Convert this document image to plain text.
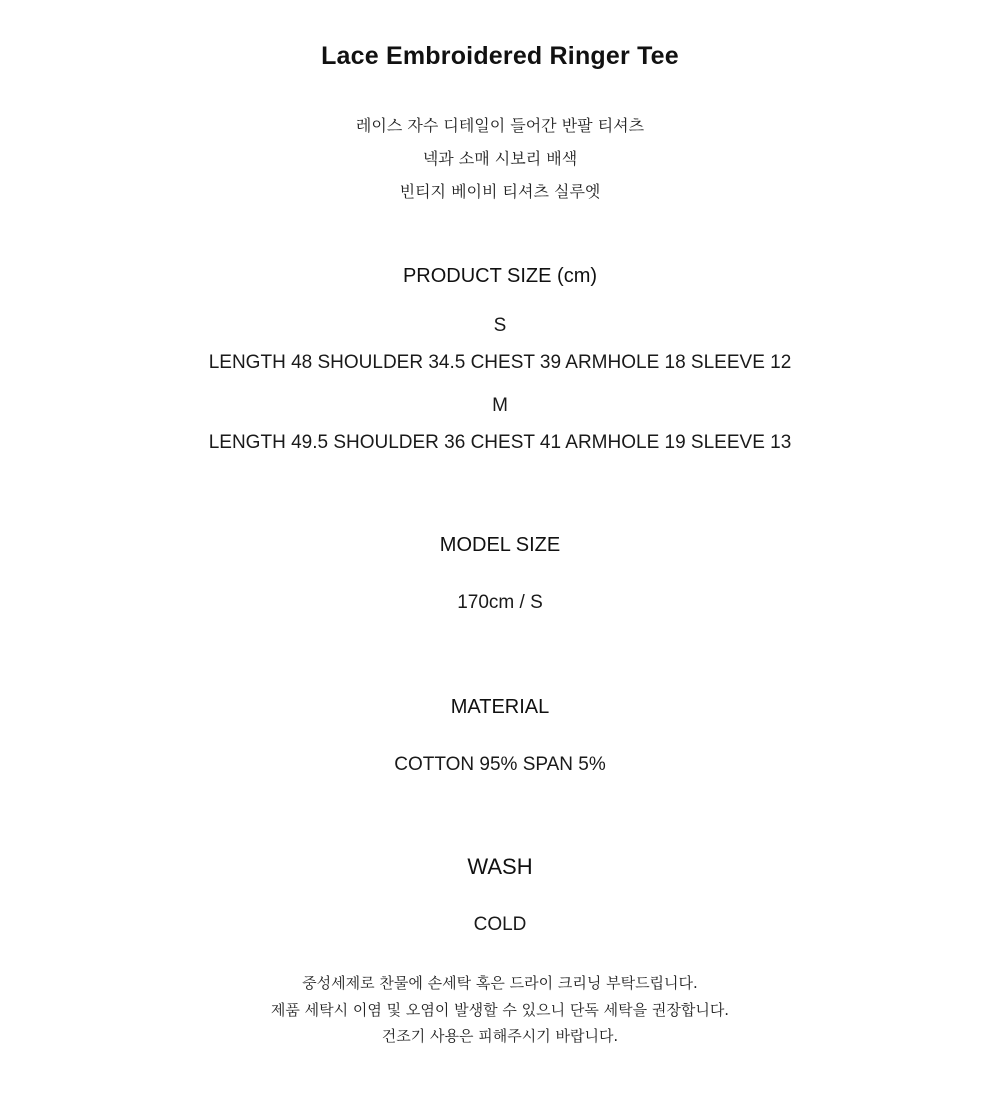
Lace Embroidered Ringer Tee
레이스 자수 디테일이 들어간 반팔 티셔츠
넥과 소매 시보리 배색
빈티지 베이비 티셔츠 실루엣
PRODUCT SIZE (cm)
S
LENGTH 48 SHOULDER 34.5 CHEST 39 ARMHOLE 18 SLEEVE 12
M
LENGTH 49.5 SHOULDER 36 CHEST 41 ARMHOLE 19 SLEEVE 13
MODEL SIZE
170cm / S
MATERIAL
COTTON 95% SPAN 5%
WASH
COLD
중성세제로 찬물에 손세탁 혹은 드라이 크리닝 부탁드립니다.
제품 세탁시 이염 및 오염이 발생할 수 있으니 단독 세탁을 권장합니다.
건조기 사용은 피해주시기 바랍니다.
